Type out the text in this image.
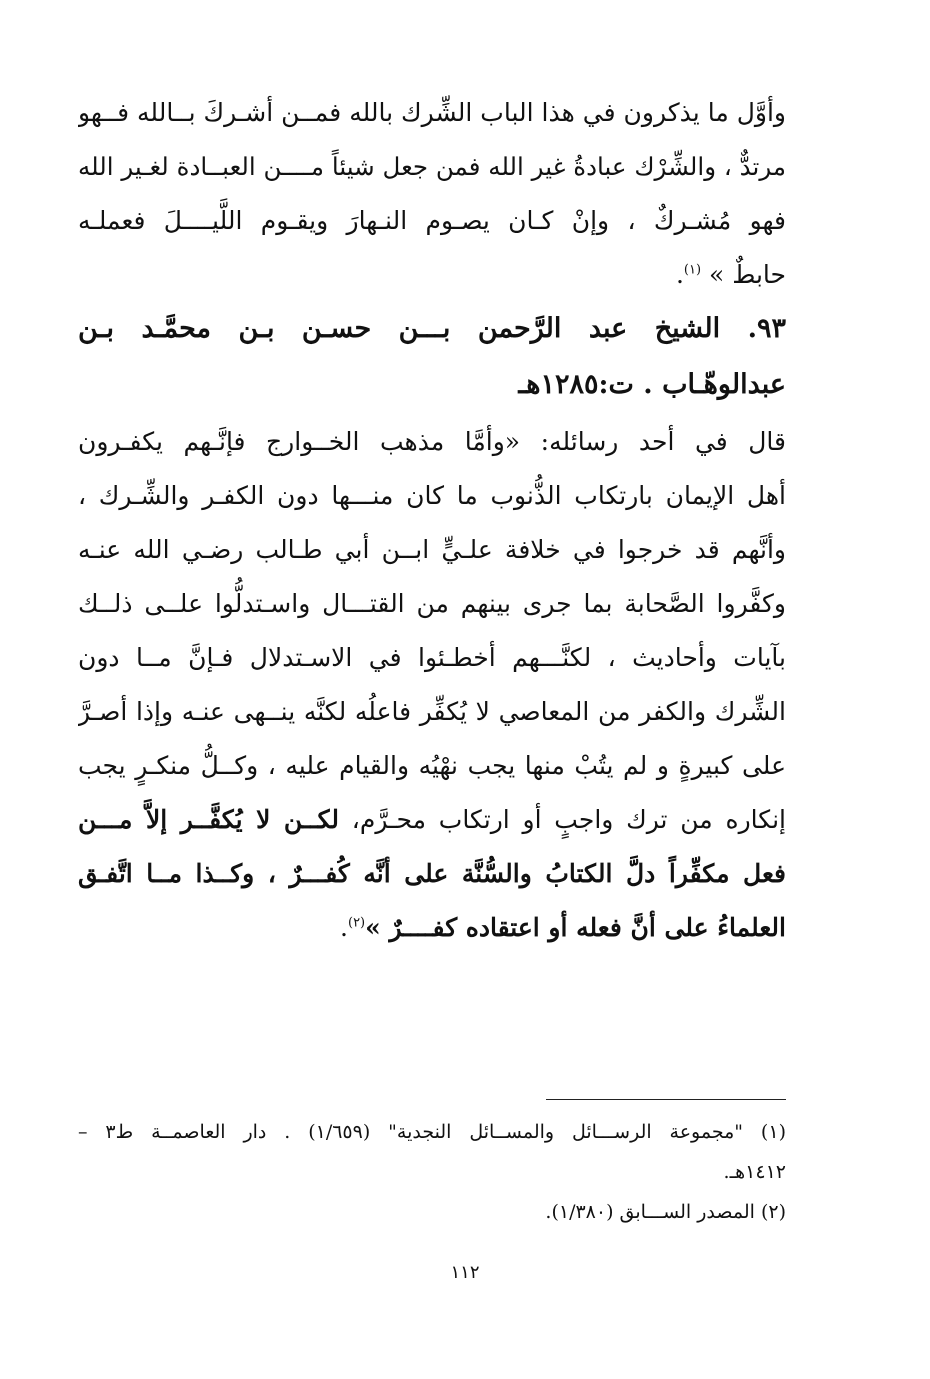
وأوَّل ما يذكرون في هذا الباب الشِّرك بالله فمــن أشـركَ بــالله فــهو
مرتدٌّ ، والشِّرْك عبادةُ غير الله فمن جعل شيئاً مــــن العبــادة لغـير الله
فهو مُشـركٌ ، وإنْ كـان يصـوم النـهارَ ويقـوم اللَّيــــلَ فعملـه
حابطٌ » $^{(١)}$.
٩٣. الشيخ عبد الرَّحمن بـــن حسـن بـن محمَّـد بـن
عبدالوهّـاب . ت:١٢٨٥هـ
قال في أحد رسائله: «وأمَّا مذهب الخــوارج فإنَّـهم يكفـرون
أهل الإيمان بارتكاب الذُّنوب ما كان منـــها دون الكفـر والشِّـرك ،
وأنَّهم قد خرجوا في خلافة علـيٍّ ابــن أبي طـالب رضـي الله عنـه
وكفَّروا الصَّحابة بما جرى بينهم من القتـــال واسـتدلُّوا علــى ذلــك
بآيات وأحاديث ، لكنَّـــهم أخطـئوا في الاسـتدلال فـإنَّ مــا دون
الشِّرك والكفر من المعاصي لا يُكفِّر فاعلُه لكنَّه ينــهى عنـه وإذا أصـرَّ
على كبيرةٍ و لم يتُبْ منها يجب نهْيُه والقيام عليه ، وكــلُّ منكـرٍ يجب
إنكاره من ترك واجبٍ أو ارتكاب محـرَّم، لكــن لا يُكفَّــر إلاَّ مـــن
فعل مكفِّراً دلَّ الكتابُ والسُّنَّة على أنَّه كُفـــرٌ ، وكــذا مــا اتَّفـق
العلماءُ على أنَّ فعله أو اعتقاده كفــــرٌ »$^{(٢)}$.
(١) "مجموعة الرســـائل والمســائل النجدية" (١/٦٥٩) . دار العاصمــة ط٣ –
١٤١٢هـ.
(٢) المصدر الســـابق (١/٣٨٠).
١١٢
